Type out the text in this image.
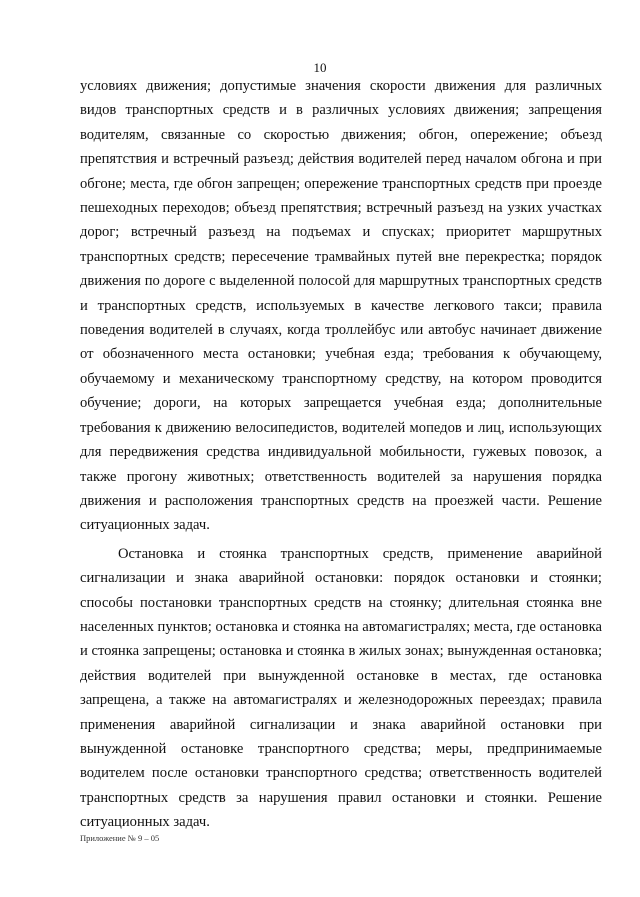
10

условиях движения; допустимые значения скорости движения для различных видов транспортных средств и в различных условиях движения; запрещения водителям, связанные со скоростью движения; обгон, опережение; объезд препятствия и встречный разъезд; действия водителей перед началом обгона и при обгоне; места, где обгон запрещен; опережение транспортных средств при проезде пешеходных переходов; объезд препятствия; встречный разъезд на узких участках дорог; встречный разъезд на подъемах и спусках; приоритет маршрутных транспортных средств; пересечение трамвайных путей вне перекрестка; порядок движения по дороге с выделенной полосой для маршрутных транспортных средств и транспортных средств, используемых в качестве легкового такси; правила поведения водителей в случаях, когда троллейбус или автобус начинает движение от обозначенного места остановки; учебная езда; требования к обучающему, обучаемому и механическому транспортному средству, на котором проводится обучение; дороги, на которых запрещается учебная езда; дополнительные требования к движению велосипедистов, водителей мопедов и лиц, использующих для передвижения средства индивидуальной мобильности, гужевых повозок, а также прогону животных; ответственность водителей за нарушения порядка движения и расположения транспортных средств на проезжей части. Решение ситуационных задач.

Остановка и стоянка транспортных средств, применение аварийной сигнализации и знака аварийной остановки: порядок остановки и стоянки; способы постановки транспортных средств на стоянку; длительная стоянка вне населенных пунктов; остановка и стоянка на автомагистралях; места, где остановка и стоянка запрещены; остановка и стоянка в жилых зонах; вынужденная остановка; действия водителей при вынужденной остановке в местах, где остановка запрещена, а также на автомагистралях и железнодорожных переездах; правила применения аварийной сигнализации и знака аварийной остановки при вынужденной остановке транспортного средства; меры, предпринимаемые водителем после остановки транспортного средства; ответственность водителей транспортных средств за нарушения правил остановки и стоянки. Решение ситуационных задач.

Приложение № 9 – 05
